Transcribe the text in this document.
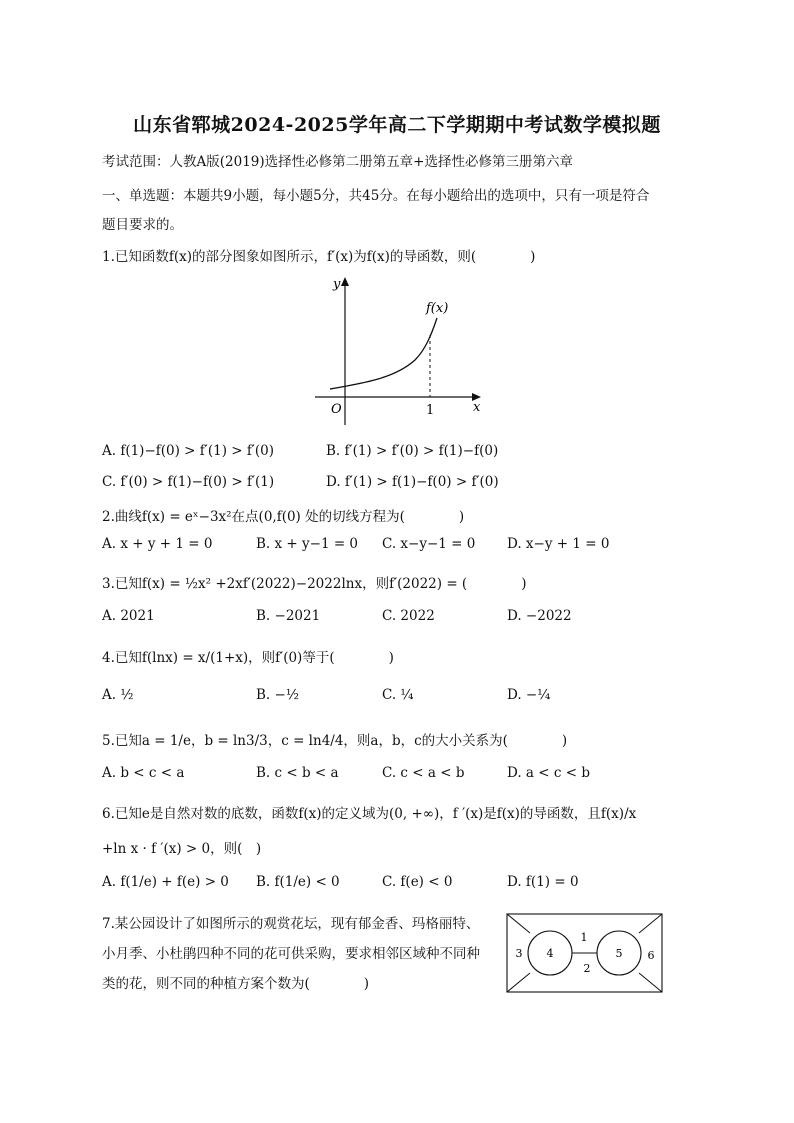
山东省郓城2024-2025学年高二下学期期中考试数学模拟题
考试范围：人教A版(2019)选择性必修第二册第五章+选择性必修第三册第六章
一、单选题：本题共9小题，每小题5分，共45分。在每小题给出的选项中，只有一项是符合
题目要求的。
1.已知函数f(x)的部分图象如图所示，f′(x)为f(x)的导函数，则(　　　　)
y
x
O	1
f(x)
A. f(1)−f(0) > f′(1) > f′(0)	B. f′(1) > f′(0) > f(1)−f(0)
C. f′(0) > f(1)−f(0) > f′(1)	D. f′(1) > f(1)−f(0) > f′(0)
2.曲线f(x) = eˣ−3x²在点(0,f(0) 处的切线方程为(　　　　)
A. x + y + 1 = 0	B. x + y−1 = 0 C. x−y−1 = 0 D. x−y + 1 = 0
3.已知f(x) = ½x² +2xf′(2022)−2022lnx，则f′(2022) = (　　　　)
A. 2021	B. −2021	C. 2022	D. −2022
4.已知f(lnx) = x/(1+x)，则f′(0)等于(　　　　)
A. ½	B. −½	C. ¼	D. −¼
5.已知a = 1/e，b = ln3/3，c = ln4/4，则a，b，c的大小关系为(　　　　)
A. b < c < a	B. c < b < a	C. c < a < b	D. a < c < b
6.已知e是自然对数的底数，函数f(x)的定义域为(0, +∞)，f ′(x)是f(x)的导函数，且f(x)/x
+ln x · f ′(x) > 0，则(　)
A. f(1/e) + f(e) > 0 B. f(1/e) < 0	C. f(e) < 0	D. f(1) = 0
7.某公园设计了如图所示的观赏花坛，现有郁金香、玛格丽特、
小月季、小杜鹃四种不同的花可供采购，要求相邻区域种不同种
类的花，则不同的种植方案个数为(　　　　)
1
2
3 4	5 6
